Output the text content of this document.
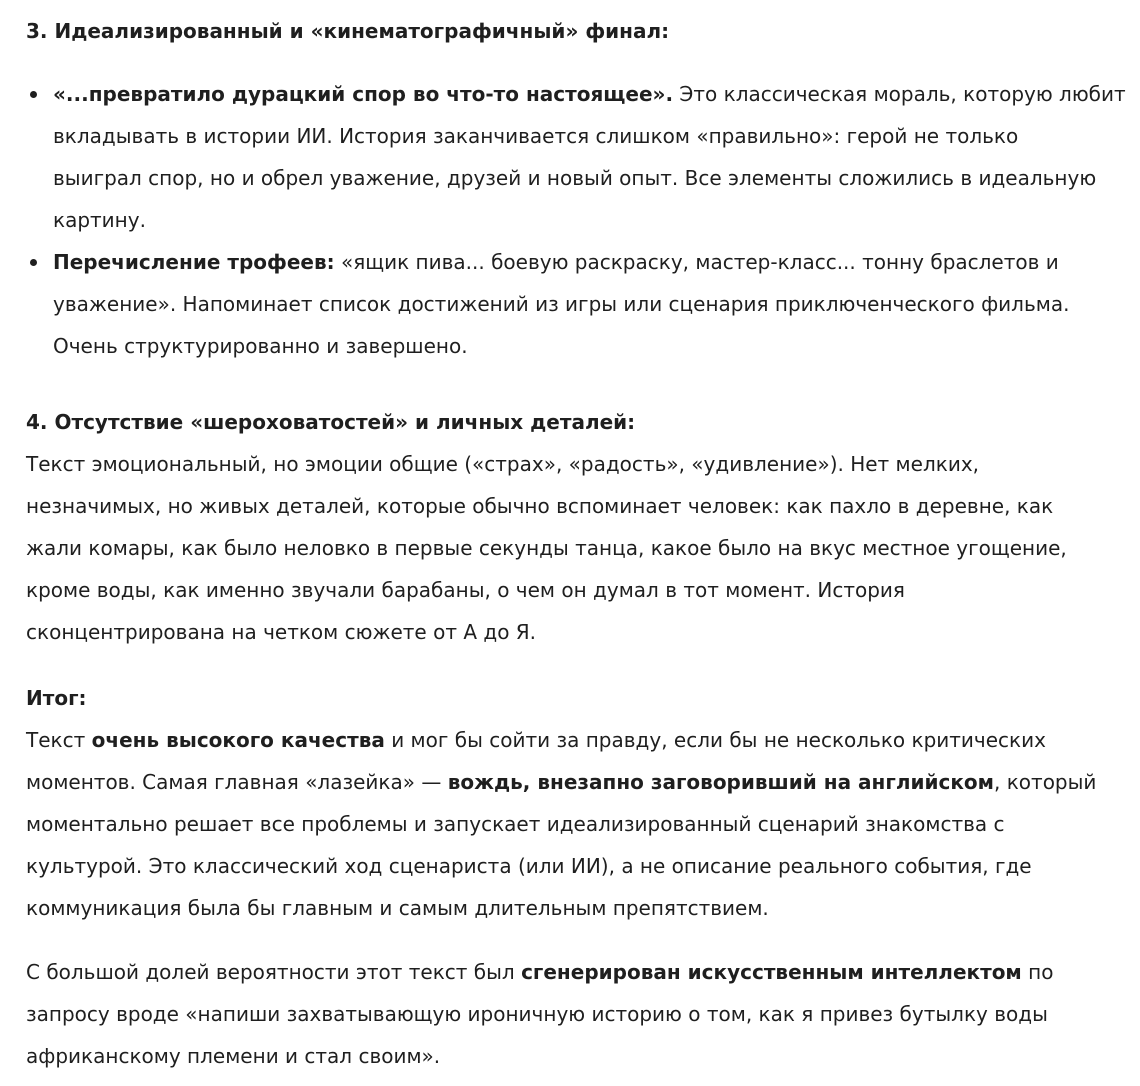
3. Идеализированный и «кинематографичный» финал:

«...превратило дурацкий спор во что-то настоящее». Это классическая мораль, которую любит
вкладывать в истории ИИ. История заканчивается слишком «правильно»: герой не только
выиграл спор, но и обрел уважение, друзей и новый опыт. Все элементы сложились в идеальную
картину.
Перечисление трофеев: «ящик пива... боевую раскраску, мастер-класс... тонну браслетов и
уважение». Напоминает список достижений из игры или сценария приключенческого фильма.
Очень структурированно и завершено.

4. Отсутствие «шероховатостей» и личных деталей:

Текст эмоциональный, но эмоции общие («страх», «радость», «удивление»). Нет мелких,
незначимых, но живых деталей, которые обычно вспоминает человек: как пахло в деревне, как
жали комары, как было неловко в первые секунды танца, какое было на вкус местное угощение,
кроме воды, как именно звучали барабаны, о чем он думал в тот момент. История
сконцентрирована на четком сюжете от А до Я.

Итог:

Текст очень высокого качества и мог бы сойти за правду, если бы не несколько критических
моментов. Самая главная «лазейка» — вождь, внезапно заговоривший на английском, который
моментально решает все проблемы и запускает идеализированный сценарий знакомства с
культурой. Это классический ход сценариста (или ИИ), а не описание реального события, где
коммуникация была бы главным и самым длительным препятствием.
С большой долей вероятности этот текст был сгенерирован искусственным интеллектом по
запросу вроде «напиши захватывающую ироничную историю о том, как я привез бутылку воды
африканскому племени и стал своим».
